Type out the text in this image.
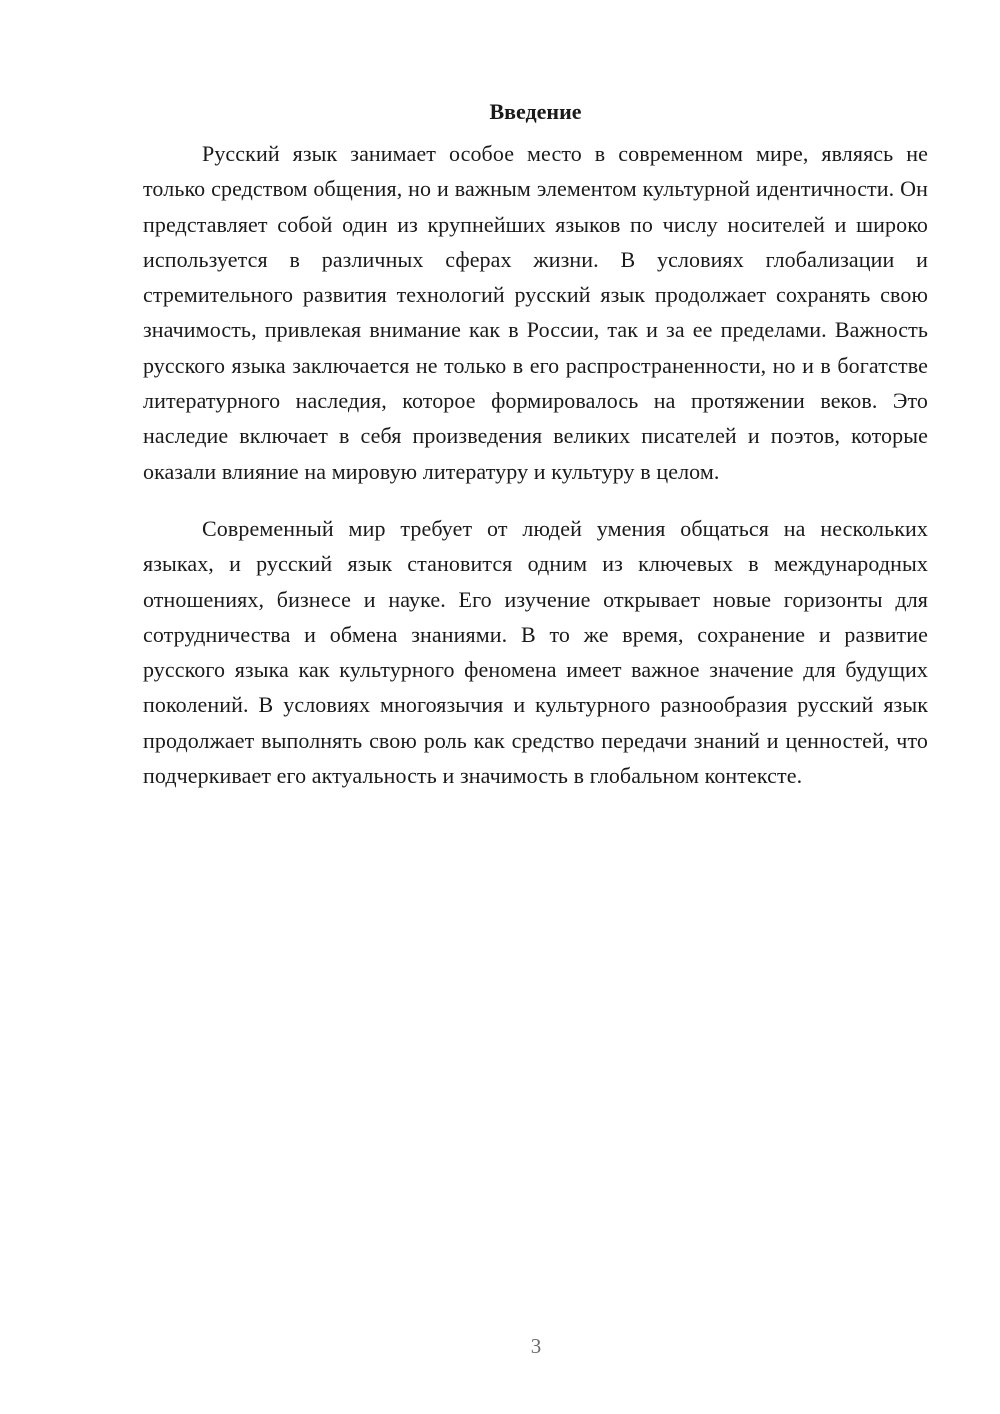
Введение

Русский язык занимает особое место в современном мире, являясь не только средством общения, но и важным элементом культурной идентичности. Он представляет собой один из крупнейших языков по числу носителей и широко используется в различных сферах жизни. В условиях глобализации и стремительного развития технологий русский язык продолжает сохранять свою значимость, привлекая внимание как в России, так и за ее пределами. Важность русского языка заключается не только в его распространенности, но и в богатстве литературного наследия, которое формировалось на протяжении веков. Это наследие включает в себя произведения великих писателей и поэтов, которые оказали влияние на мировую литературу и культуру в целом.

Современный мир требует от людей умения общаться на нескольких языках, и русский язык становится одним из ключевых в международных отношениях, бизнесе и науке. Его изучение открывает новые горизонты для сотрудничества и обмена знаниями. В то же время, сохранение и развитие русского языка как культурного феномена имеет важное значение для будущих поколений. В условиях многоязычия и культурного разнообразия русский язык продолжает выполнять свою роль как средство передачи знаний и ценностей, что подчеркивает его актуальность и значимость в глобальном контексте.

3
